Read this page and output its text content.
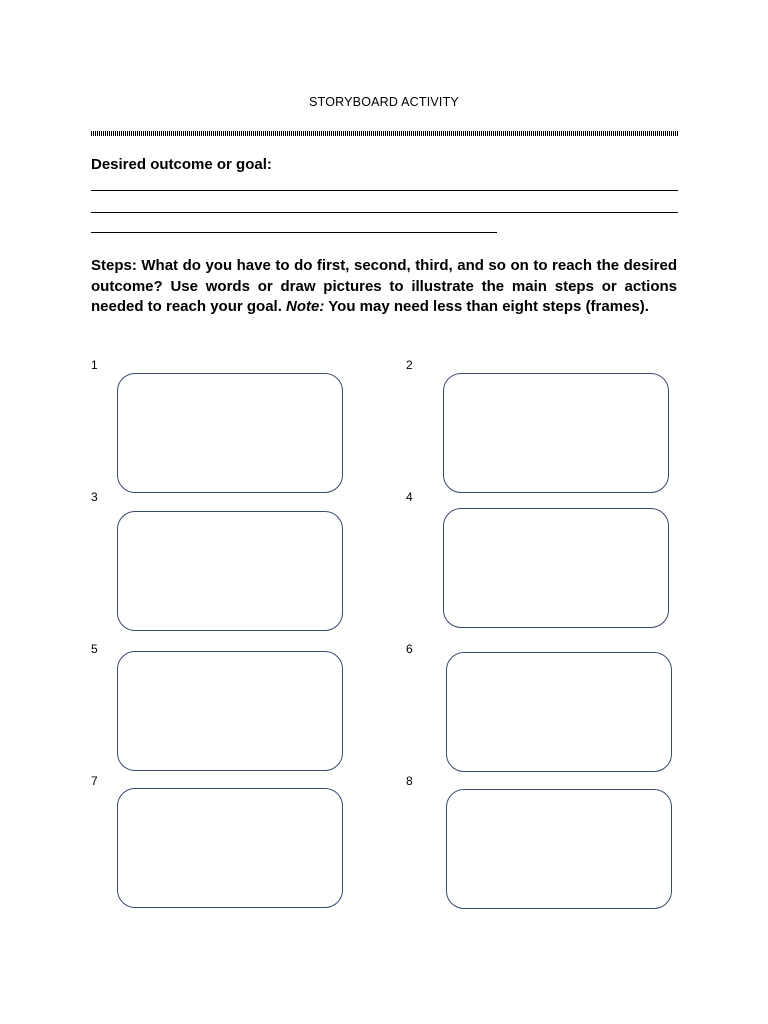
STORYBOARD ACTIVITY
Desired outcome or goal:
Steps: What do you have to do first, second, third, and so on to reach the desired outcome? Use words or draw pictures to illustrate the main steps or actions needed to reach your goal. Note: You may need less than eight steps (frames).
1	2
3	4
5	6
7	8
